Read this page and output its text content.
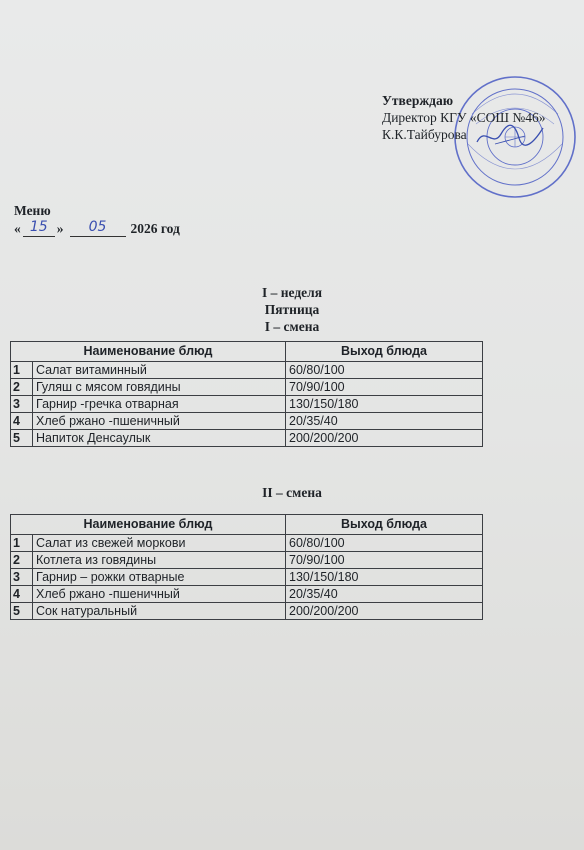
Утверждаю
Директор КГУ «СОШ №46»
К.К.Тайбурова
Меню
« 15 »	05	2026 год
I – неделя
Пятница
I – смена
Наименование блюд		Выход блюда
1	Салат витаминный	60/80/100
2	Гуляш с мясом говядины	70/90/100
3	Гарнир -гречка отварная	130/150/180
4	Хлеб ржано -пшеничный	20/35/40
5	Напиток Денсаулык	200/200/200
II – смена
Наименование блюд		Выход блюда
1	Салат из свежей моркови	60/80/100
2	Котлета из говядины	70/90/100
3	Гарнир – рожки отварные	130/150/180
4	Хлеб ржано -пшеничный	20/35/40
5	Сок натуральный	200/200/200
